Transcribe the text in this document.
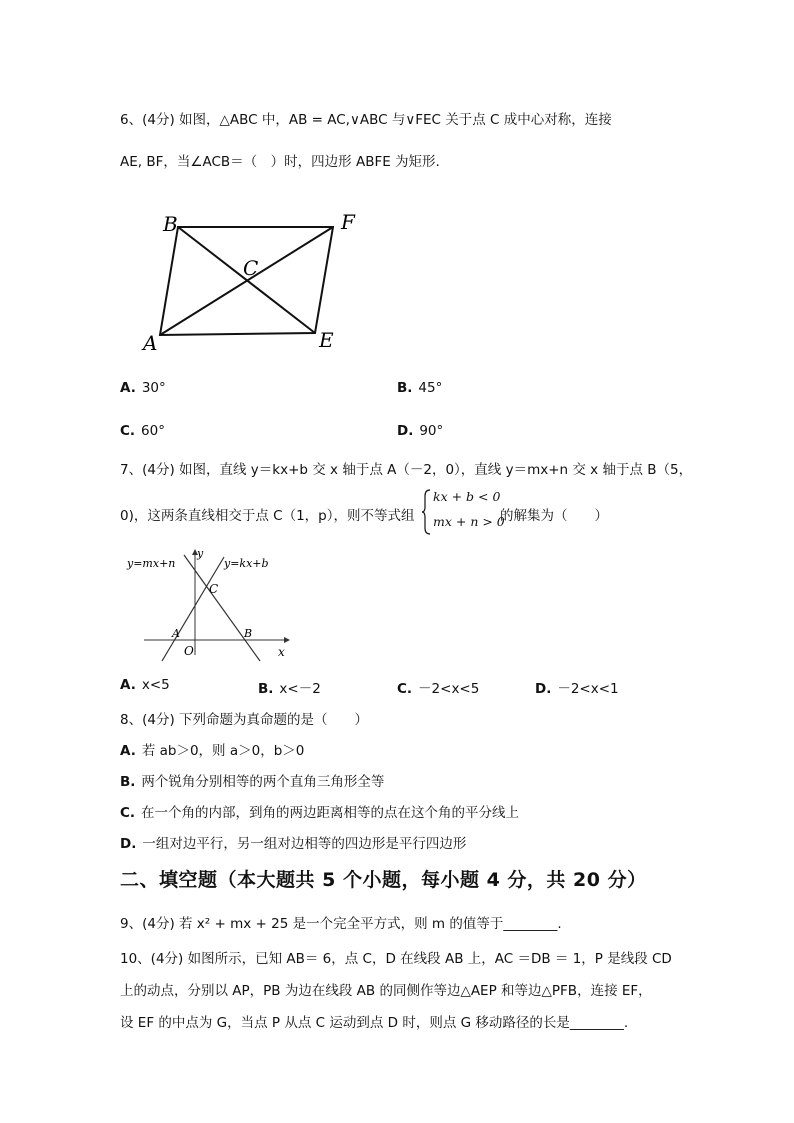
6、(4分) 如图，△ABC 中，AB = AC,∨ABC 与∨FEC 关于点 C 成中心对称，连接
AE, BF，当∠ACB＝（　）时，四边形 ABFE 为矩形.
B	F
C
A	E
A. 30°	B. 45°
C. 60°	D. 90°
7、(4分) 如图，直线 y＝kx+b 交 x 轴于点 A（－2，0），直线 y＝mx+n 交 x 轴于点 B（5，
0)，这两条直线相交于点 C（1，p），则不等式组
kx + b < 0
mx + n > 0
的解集为（　　）
y
x
O
A	B
C
y=mx+n	y=kx+b
A. x<5	B. x<－2	C. －2<x<5	D. －2<x<1
8、(4分) 下列命题为真命题的是（　　）
A. 若 ab＞0，则 a＞0，b＞0
B. 两个锐角分别相等的两个直角三角形全等
C. 在一个角的内部，到角的两边距离相等的点在这个角的平分线上
D. 一组对边平行，另一组对边相等的四边形是平行四边形
二、填空题（本大题共 5 个小题，每小题 4 分，共 20 分）
9、(4分) 若 x² + mx + 25 是一个完全平方式，则 m 的值等于________.
10、(4分) 如图所示，已知 AB＝ 6，点 C，D 在线段 AB 上，AC ＝DB ＝ 1，P 是线段 CD
上的动点，分别以 AP，PB 为边在线段 AB 的同侧作等边△AEP 和等边△PFB，连接 EF，
设 EF 的中点为 G，当点 P 从点 C 运动到点 D 时，则点 G 移动路径的长是________.
